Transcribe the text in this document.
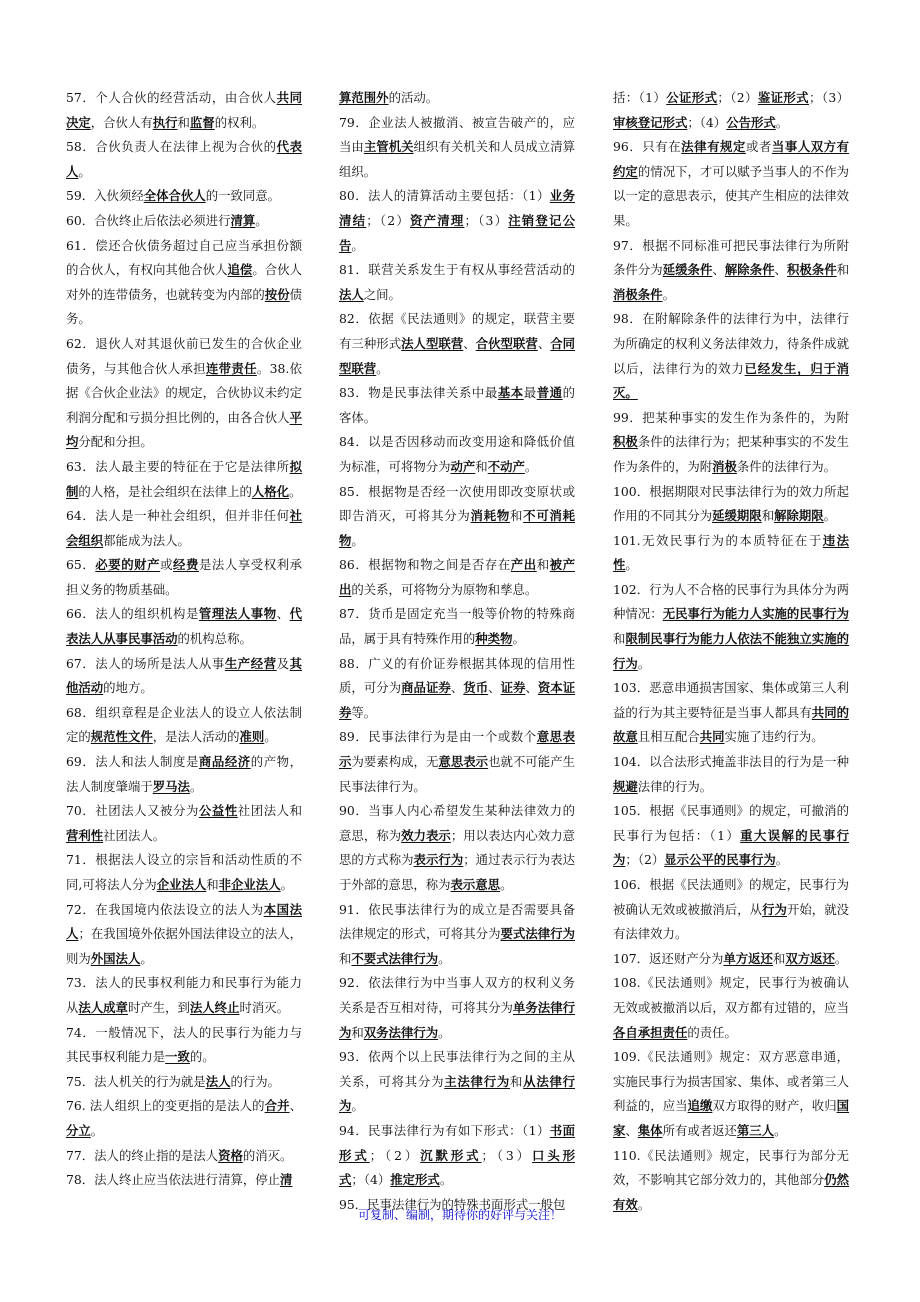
57．个人合伙的经营活动，由合伙人共同决定，合伙人有执行和监督的权利。

58．合伙负责人在法律上视为合伙的代表人。

59．入伙须经全体合伙人的一致同意。

60．合伙终止后依法必须进行清算。

61．偿还合伙债务超过自己应当承担份额的合伙人，有权向其他合伙人追偿。合伙人对外的连带债务，也就转变为内部的按份债务。

62．退伙人对其退伙前已发生的合伙企业债务，与其他合伙人承担连带责任。38.依据《合伙企业法》的规定，合伙协议未约定利润分配和亏损分担比例的，由各合伙人平均分配和分担。

63．法人最主要的特征在于它是法律所拟制的人格，是社会组织在法律上的人格化。

64．法人是一种社会组织，但并非任何社会组织都能成为法人。

65．必要的财产或经费是法人享受权利承担义务的物质基础。

66．法人的组织机构是管理法人事物、代表法人从事民事活动的机构总称。

67．法人的场所是法人从事生产经营及其他活动的地方。

68．组织章程是企业法人的设立人依法制定的规范性文件，是法人活动的准则。

69．法人和法人制度是商品经济的产物，法人制度肇端于罗马法。

70．社团法人又被分为公益性社团法人和营利性社团法人。

71．根据法人设立的宗旨和活动性质的不同,可将法人分为企业法人和非企业法人。

72．在我国境内依法设立的法人为本国法人；在我国境外依据外国法律设立的法人，则为外国法人。

73．法人的民事权利能力和民事行为能力从法人成章时产生，到法人终止时消灭。

74．一般情况下，法人的民事行为能力与其民事权利能力是一致的。

75．法人机关的行为就是法人的行为。

76. 法人组织上的变更指的是法人的合并、分立。

77．法人的终止指的是法人资格的消灭。

78．法人终止应当依法进行清算，停止清

算范围外的活动。

79．企业法人被撤消、被宣告破产的，应当由主管机关组织有关机关和人员成立清算组织。

80．法人的清算活动主要包括：（1）业务清结；（2）资产清理；（3）注销登记公告。

81．联营关系发生于有权从事经营活动的法人之间。

82．依据《民法通则》的规定，联营主要有三种形式法人型联营、合伙型联营、合同型联营。

83．物是民事法律关系中最基本最普通的客体。

84．以是否因移动而改变用途和降低价值为标准，可将物分为动产和不动产。

85．根据物是否经一次使用即改变原状或即告消灭，可将其分为消耗物和不可消耗物。

86．根据物和物之间是否存在产出和被产出的关系，可将物分为原物和孳息。

87．货币是固定充当一般等价物的特殊商品，属于具有特殊作用的种类物。

88．广义的有价证券根据其体现的信用性质，可分为商品证券、货币、证券、资本证券等。

89．民事法律行为是由一个或数个意思表示为要素构成，无意思表示也就不可能产生民事法律行为。

90．当事人内心希望发生某种法律效力的意思，称为效力表示；用以表达内心效力意思的方式称为表示行为；通过表示行为表达于外部的意思，称为表示意思。

91．依民事法律行为的成立是否需要具备法律规定的形式，可将其分为要式法律行为和不要式法律行为。

92．依法律行为中当事人双方的权利义务关系是否互相对待，可将其分为单务法律行为和双务法律行为。

93．依两个以上民事法律行为之间的主从关系，可将其分为主法律行为和从法律行为。

94．民事法律行为有如下形式：（1）书面形式；（2）沉默形式；（3）口头形式；（4）推定形式。

95．民事法律行为的特殊书面形式一般包

括：（1）公证形式；（2）鉴证形式；（3）审核登记形式；（4）公告形式。

96．只有在法律有规定或者当事人双方有约定的情况下，才可以赋予当事人的不作为以一定的意思表示，使其产生相应的法律效果。

97．根据不同标准可把民事法律行为所附条件分为延缓条件、解除条件、积极条件和消极条件。

98．在附解除条件的法律行为中，法律行为所确定的权利义务法律效力，待条件成就以后，法律行为的效力已经发生，归于消灭。

99．把某种事实的发生作为条件的，为附积极条件的法律行为；把某种事实的不发生作为条件的，为附消极条件的法律行为。

100．根据期限对民事法律行为的效力所起作用的不同其分为延缓期限和解除期限。

101.无效民事行为的本质特征在于违法性。

102．行为人不合格的民事行为具体分为两种情况：无民事行为能力人实施的民事行为和限制民事行为能力人依法不能独立实施的行为。

103．恶意串通损害国家、集体或第三人利益的行为其主要特征是当事人都具有共同的故意且相互配合共同实施了违约行为。

104．以合法形式掩盖非法目的行为是一种规避法律的行为。

105．根据《民事通则》的规定，可撤消的民事行为包括：（1）重大误解的民事行为；（2）显示公平的民事行为。

106．根据《民法通则》的规定，民事行为被确认无效或被撤消后，从行为开始，就没有法律效力。

107．返还财产分为单方返还和双方返还。

108.《民法通则》规定，民事行为被确认无效或被撤消以后，双方都有过错的，应当各自承担责任的责任。

109.《民法通则》规定：双方恶意串通，实施民事行为损害国家、集体、或者第三人利益的，应当追缴双方取得的财产，收归国家、集体所有或者返还第三人。

110.《民法通则》规定，民事行为部分无效，不影响其它部分效力的，其他部分仍然有效。

可复制、编制，期待你的好评与关注！
